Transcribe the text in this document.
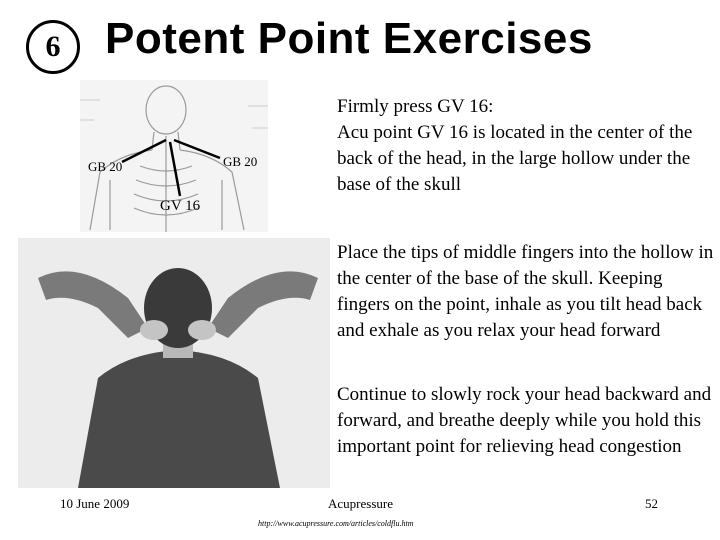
6 Potent Point Exercises
GB 20	GB 20
GV 16
Firmly press GV 16:
Acu point GV 16 is located in the center of the back of the head, in the large hollow under the base of the skull
Place the tips of middle fingers into the hollow in the center of the base of the skull. Keeping fingers on the point, inhale as you tilt head back and exhale as you relax your head forward
Continue to slowly rock your head backward and forward, and breathe deeply while you hold this important point for relieving head congestion
10 June 2009	Acupressure	52
http://www.acupressure.com/articles/coldflu.htm
